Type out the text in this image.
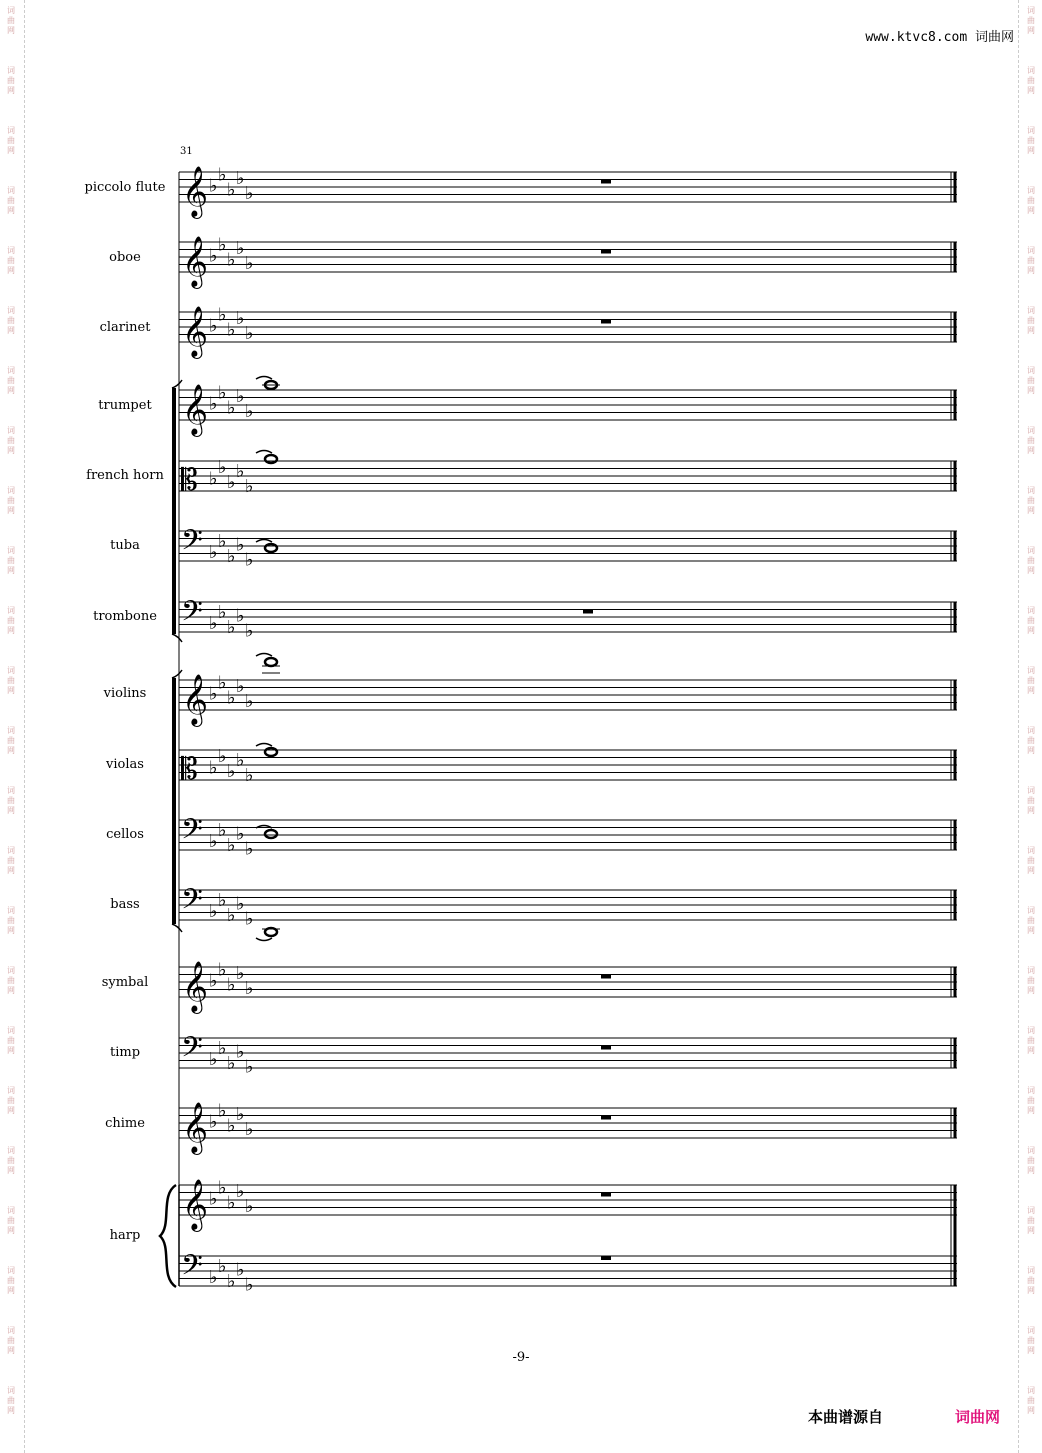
词	词
曲	曲
网	网
词	词
曲	曲
网	网
词	词
曲	曲
网	网
词	词
曲	曲
网	网
词	词
曲	曲
网	网
词	词
曲	曲
网	网
词	词
曲	曲
网	网
词	词
曲	曲
网	网
词	词
曲	曲
网	网
词	词
曲	曲
网	网
词	词
曲	曲
网	网
词	词
曲	曲
网	网
词	词
曲	曲
网	网
词	词
曲	曲
网	网
词	词
曲	曲
网	网
词	词
曲	曲
网	网
词	词
曲	曲
网	网
词	词
曲	曲
网	网
词	词
曲	曲
网	网
词	词
曲	曲
网	网
词	词
曲	曲
网	网
词	词
曲	曲
网	网
词	词
曲	曲
网	网
词	词
曲	曲
网	网
www.ktvc8.com 词曲网
31
𝄞 ♭
♭
♭
♭
♭
𝄞 ♭
♭
♭
♭
♭
𝄞 ♭
♭
♭
♭
♭
𝄞 ♭
♭
♭
♭
♭
𝄡 ♭
♭
♭
♭
♭
𝄢 ♭
♭
♭
♭
♭
𝄢 ♭
♭
♭
♭
♭
𝄞 ♭
♭
♭
♭
♭
𝄡 ♭
♭
♭
♭
♭
𝄢 ♭
♭
♭
♭
♭
𝄢 ♭
♭
♭
♭
♭
𝄞 ♭
♭
♭
♭
♭
𝄢 ♭
♭
♭
♭
♭
𝄞 ♭
♭
♭
♭
♭
𝄞 ♭
♭
♭
♭
♭
𝄢 ♭
♭
♭
♭
♭
piccolo flute
oboe
clarinet
trumpet
french horn
tuba
trombone
violins
violas
cellos
bass
symbal
timp
chime
harp
-9-
本曲谱源自	词曲网
